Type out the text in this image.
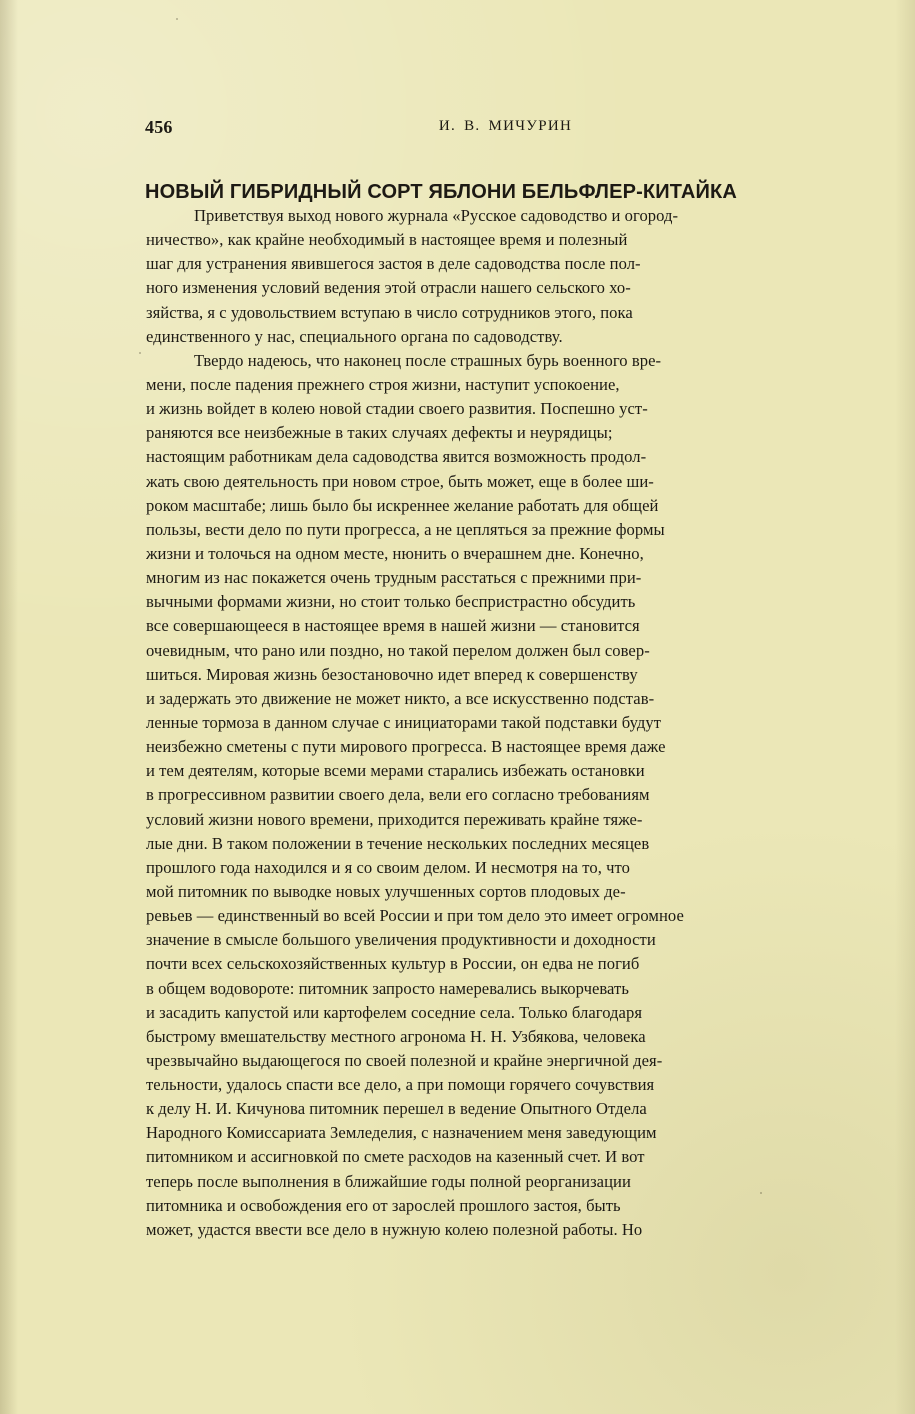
456	И. В. МИЧУРИН
НОВЫЙ ГИБРИДНЫЙ СОРТ ЯБЛОНИ БЕЛЬФЛЕР-КИТАЙКА
Приветствуя выход нового журнала «Русское садоводство и огород-
ничество», как крайне необходимый в настоящее время и полезный
шаг для устранения явившегося застоя в деле садоводства после пол-
ного изменения условий ведения этой отрасли нашего сельского хо-
зяйства, я с удовольствием вступаю в число сотрудников этого, пока
единственного у нас, специального органа по садоводству.
Твердо надеюсь, что наконец после страшных бурь военного вре-
мени, после падения прежнего строя жизни, наступит успокоение,
и жизнь войдет в колею новой стадии своего развития. Поспешно уст-
раняются все неизбежные в таких случаях дефекты и неурядицы;
настоящим работникам дела садоводства явится возможность продол-
жать свою деятельность при новом строе, быть может, еще в более ши-
роком масштабе; лишь было бы искреннее желание работать для общей
пользы, вести дело по пути прогресса, а не цепляться за прежние формы
жизни и толочься на одном месте, нюнить о вчерашнем дне. Конечно,
многим из нас покажется очень трудным расстаться с прежними при-
вычными формами жизни, но стоит только беспристрастно обсудить
все совершающееся в настоящее время в нашей жизни — становится
очевидным, что рано или поздно, но такой перелом должен был совер-
шиться. Мировая жизнь безостановочно идет вперед к совершенству
и задержать это движение не может никто, а все искусственно подстав-
ленные тормоза в данном случае с инициаторами такой подставки будут
неизбежно сметены с пути мирового прогресса. В настоящее время даже
и тем деятелям, которые всеми мерами старались избежать остановки
в прогрессивном развитии своего дела, вели его согласно требованиям
условий жизни нового времени, приходится переживать крайне тяже-
лые дни. В таком положении в течение нескольких последних месяцев
прошлого года находился и я со своим делом. И несмотря на то, что
мой питомник по выводке новых улучшенных сортов плодовых де-
ревьев — единственный во всей России и при том дело это имеет огромное
значение в смысле большого увеличения продуктивности и доходности
почти всех сельскохозяйственных культур в России, он едва не погиб
в общем водовороте: питомник запросто намеревались выкорчевать
и засадить капустой или картофелем соседние села. Только благодаря
быстрому вмешательству местного агронома Н. Н. Узбякова, человека
чрезвычайно выдающегося по своей полезной и крайне энергичной дея-
тельности, удалось спасти все дело, а при помощи горячего сочувствия
к делу Н. И. Кичунова питомник перешел в ведение Опытного Отдела
Народного Комиссариата Земледелия, с назначением меня заведующим
питомником и ассигновкой по смете расходов на казенный счет. И вот
теперь после выполнения в ближайшие годы полной реорганизации
питомника и освобождения его от зарослей прошлого застоя, быть
может, удастся ввести все дело в нужную колею полезной работы. Но
